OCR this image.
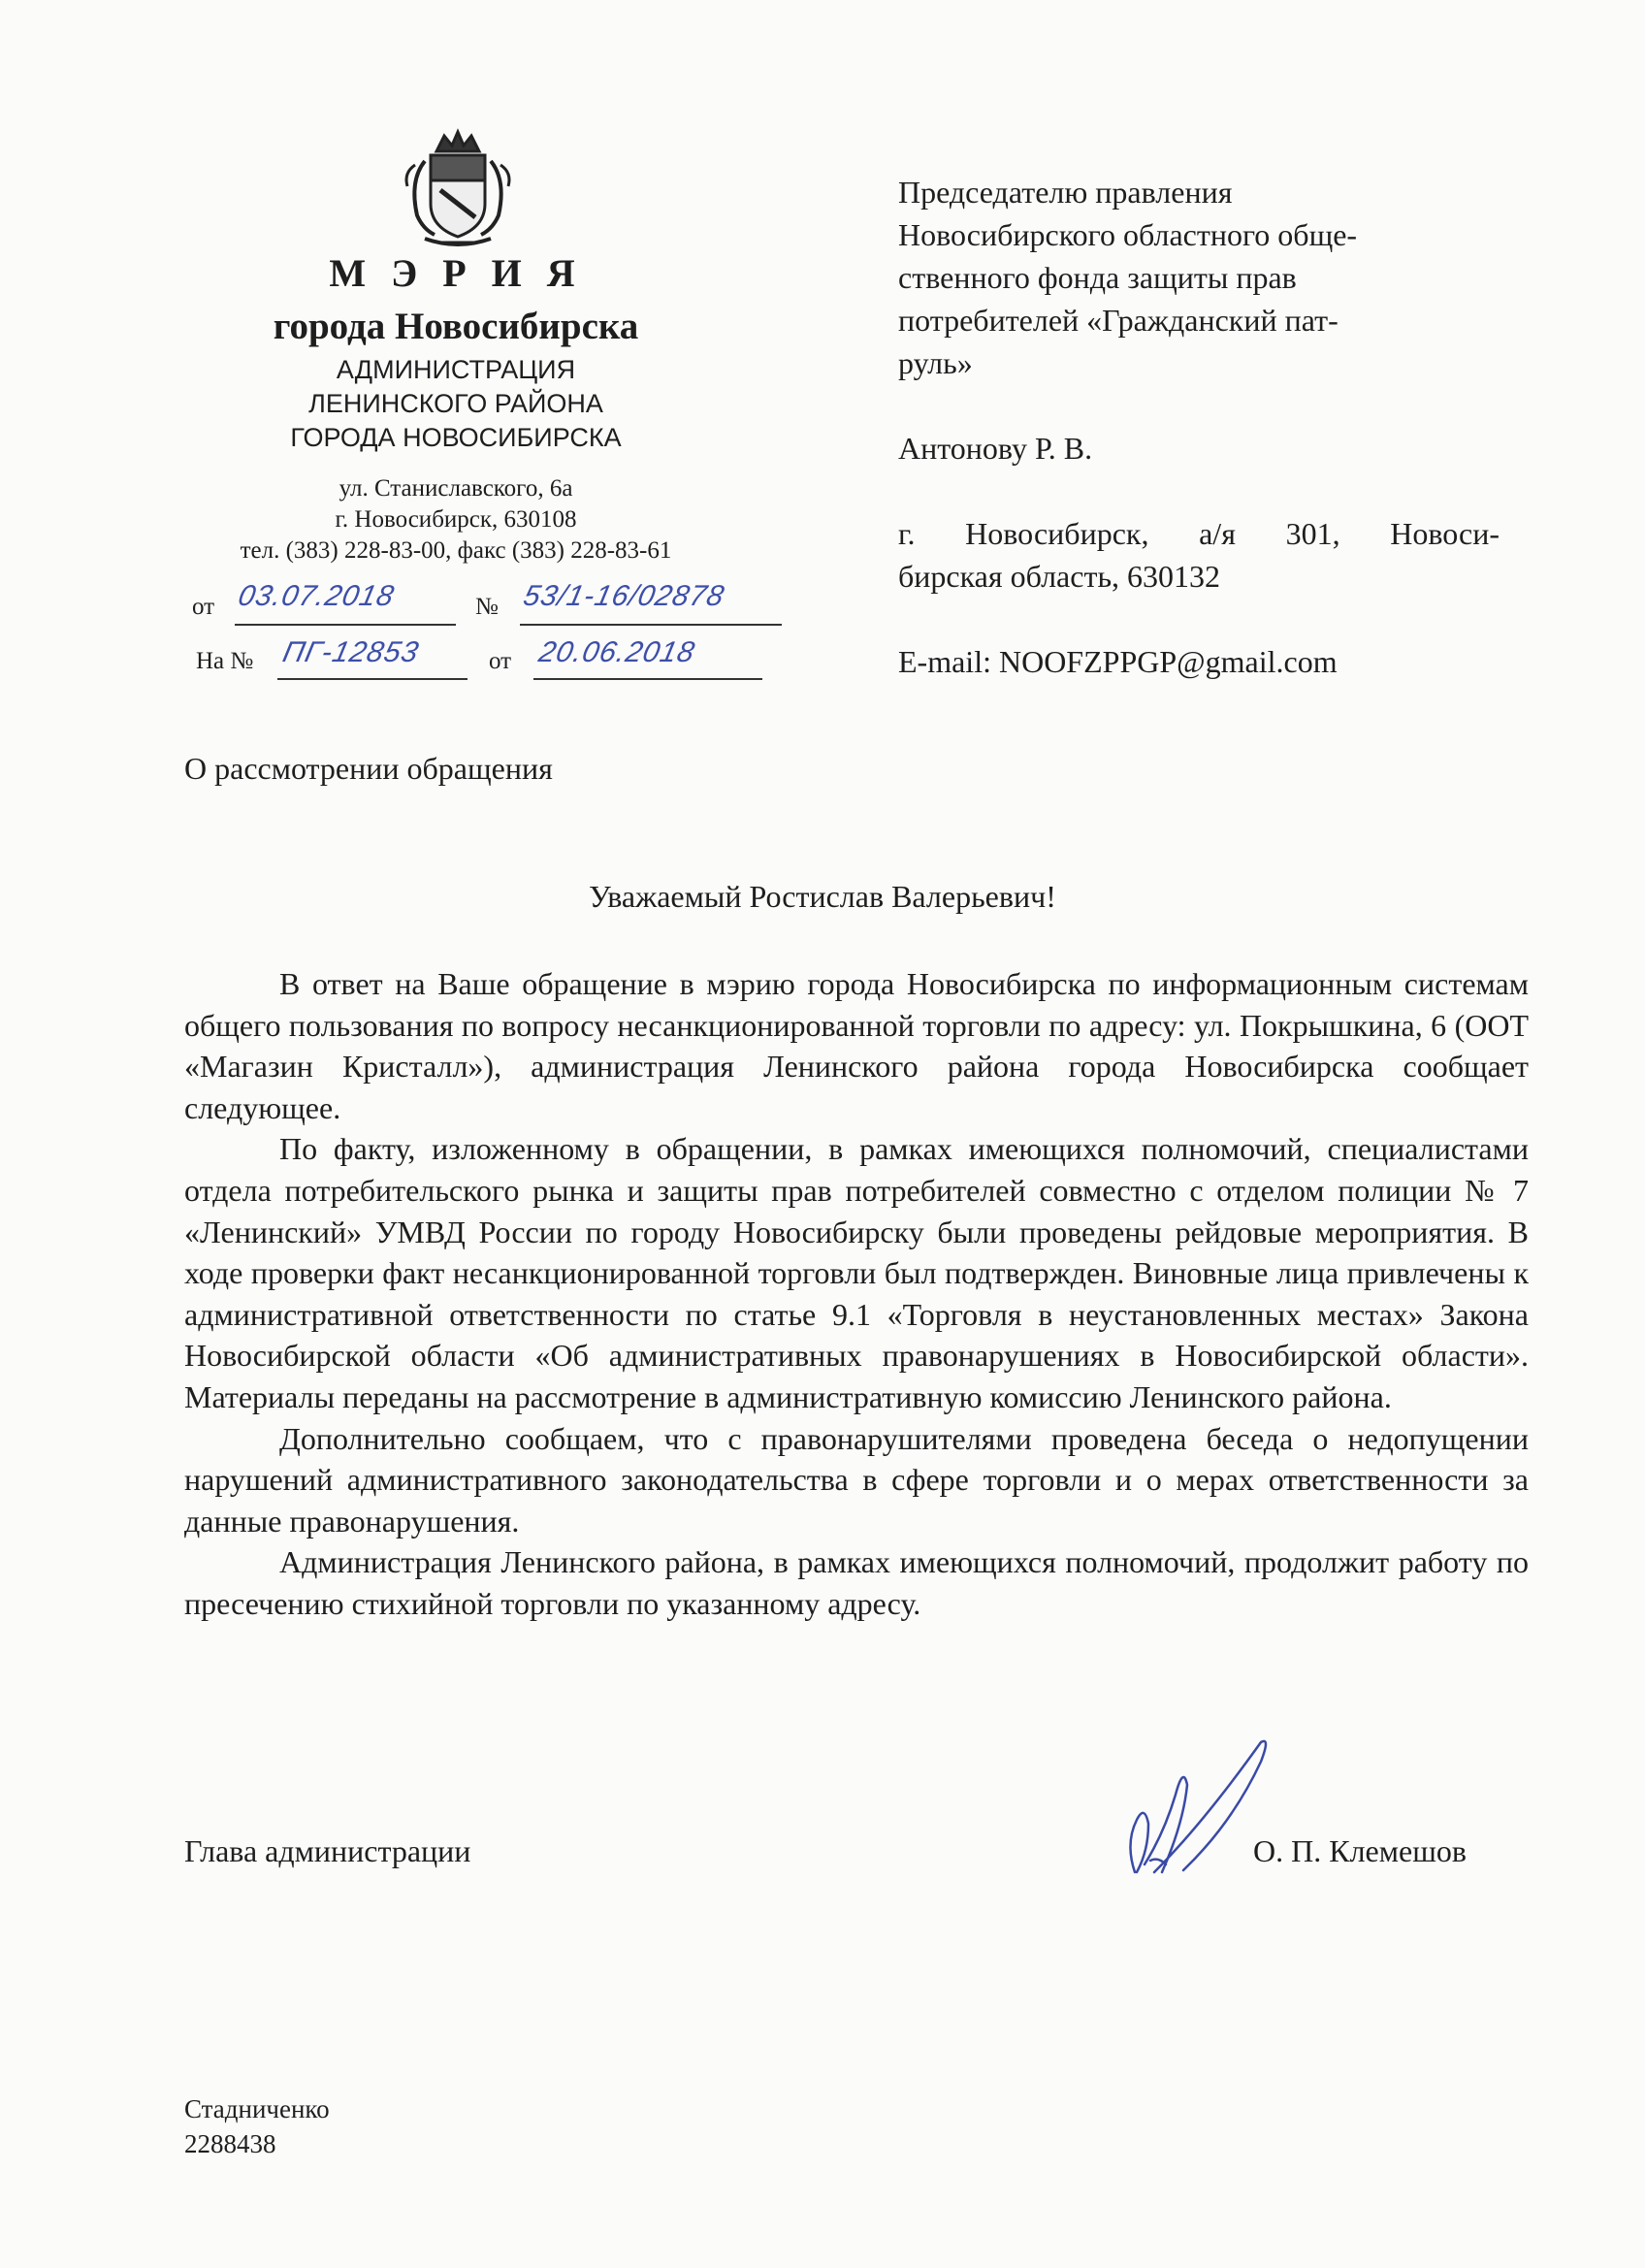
М Э Р И Я
города Новосибирска
АДМИНИСТРАЦИЯ
ЛЕНИНСКОГО РАЙОНА
ГОРОДА НОВОСИБИРСКА
ул. Станиславского, 6а
г. Новосибирск, 630108
тел. (383) 228-83-00, факс (383) 228-83-61
от 03.07.2018	№ 53/1-16/02878
На № ПГ-12853	от 20.06.2018

Председателю правления

Новосибирского областного обще-

ственного фонда защиты прав

потребителей «Гражданский пат-

руль»

Антонову Р. В.

г. Новосибирск, а/я 301, Новоси-

бирская область, 630132

E-mail: NOOFZPPGP@gmail.com

О рассмотрении обращения
Уважаемый Ростислав Валерьевич!

В ответ на Ваше обращение в мэрию города Новосибирска по информационным системам общего пользования по вопросу несанкционированной торговли по адресу: ул. Покрышкина, 6 (ООТ «Магазин Кристалл»), администрация Ленинского района города Новосибирска сообщает следующее.

По факту, изложенному в обращении, в рамках имеющихся полномочий, специалистами отдела потребительского рынка и защиты прав потребителей совместно с отделом полиции № 7 «Ленинский» УМВД России по городу Новосибирску были проведены рейдовые мероприятия. В ходе проверки факт несанкционированной торговли был подтвержден. Виновные лица привлечены к административной ответственности по статье 9.1 «Торговля в неустановленных местах» Закона Новосибирской области «Об административных правонарушениях в Новосибирской области». Материалы переданы на рассмотрение в административную комиссию Ленинского района.

Дополнительно сообщаем, что с правонарушителями проведена беседа о недопущении нарушений административного законодательства в сфере торговли и о мерах ответственности за данные правонарушения.

Администрация Ленинского района, в рамках имеющихся полномочий, продолжит работу по пресечению стихийной торговли по указанному адресу.

Глава администрации	О. П. Клемешов
Стадниченко
2288438
